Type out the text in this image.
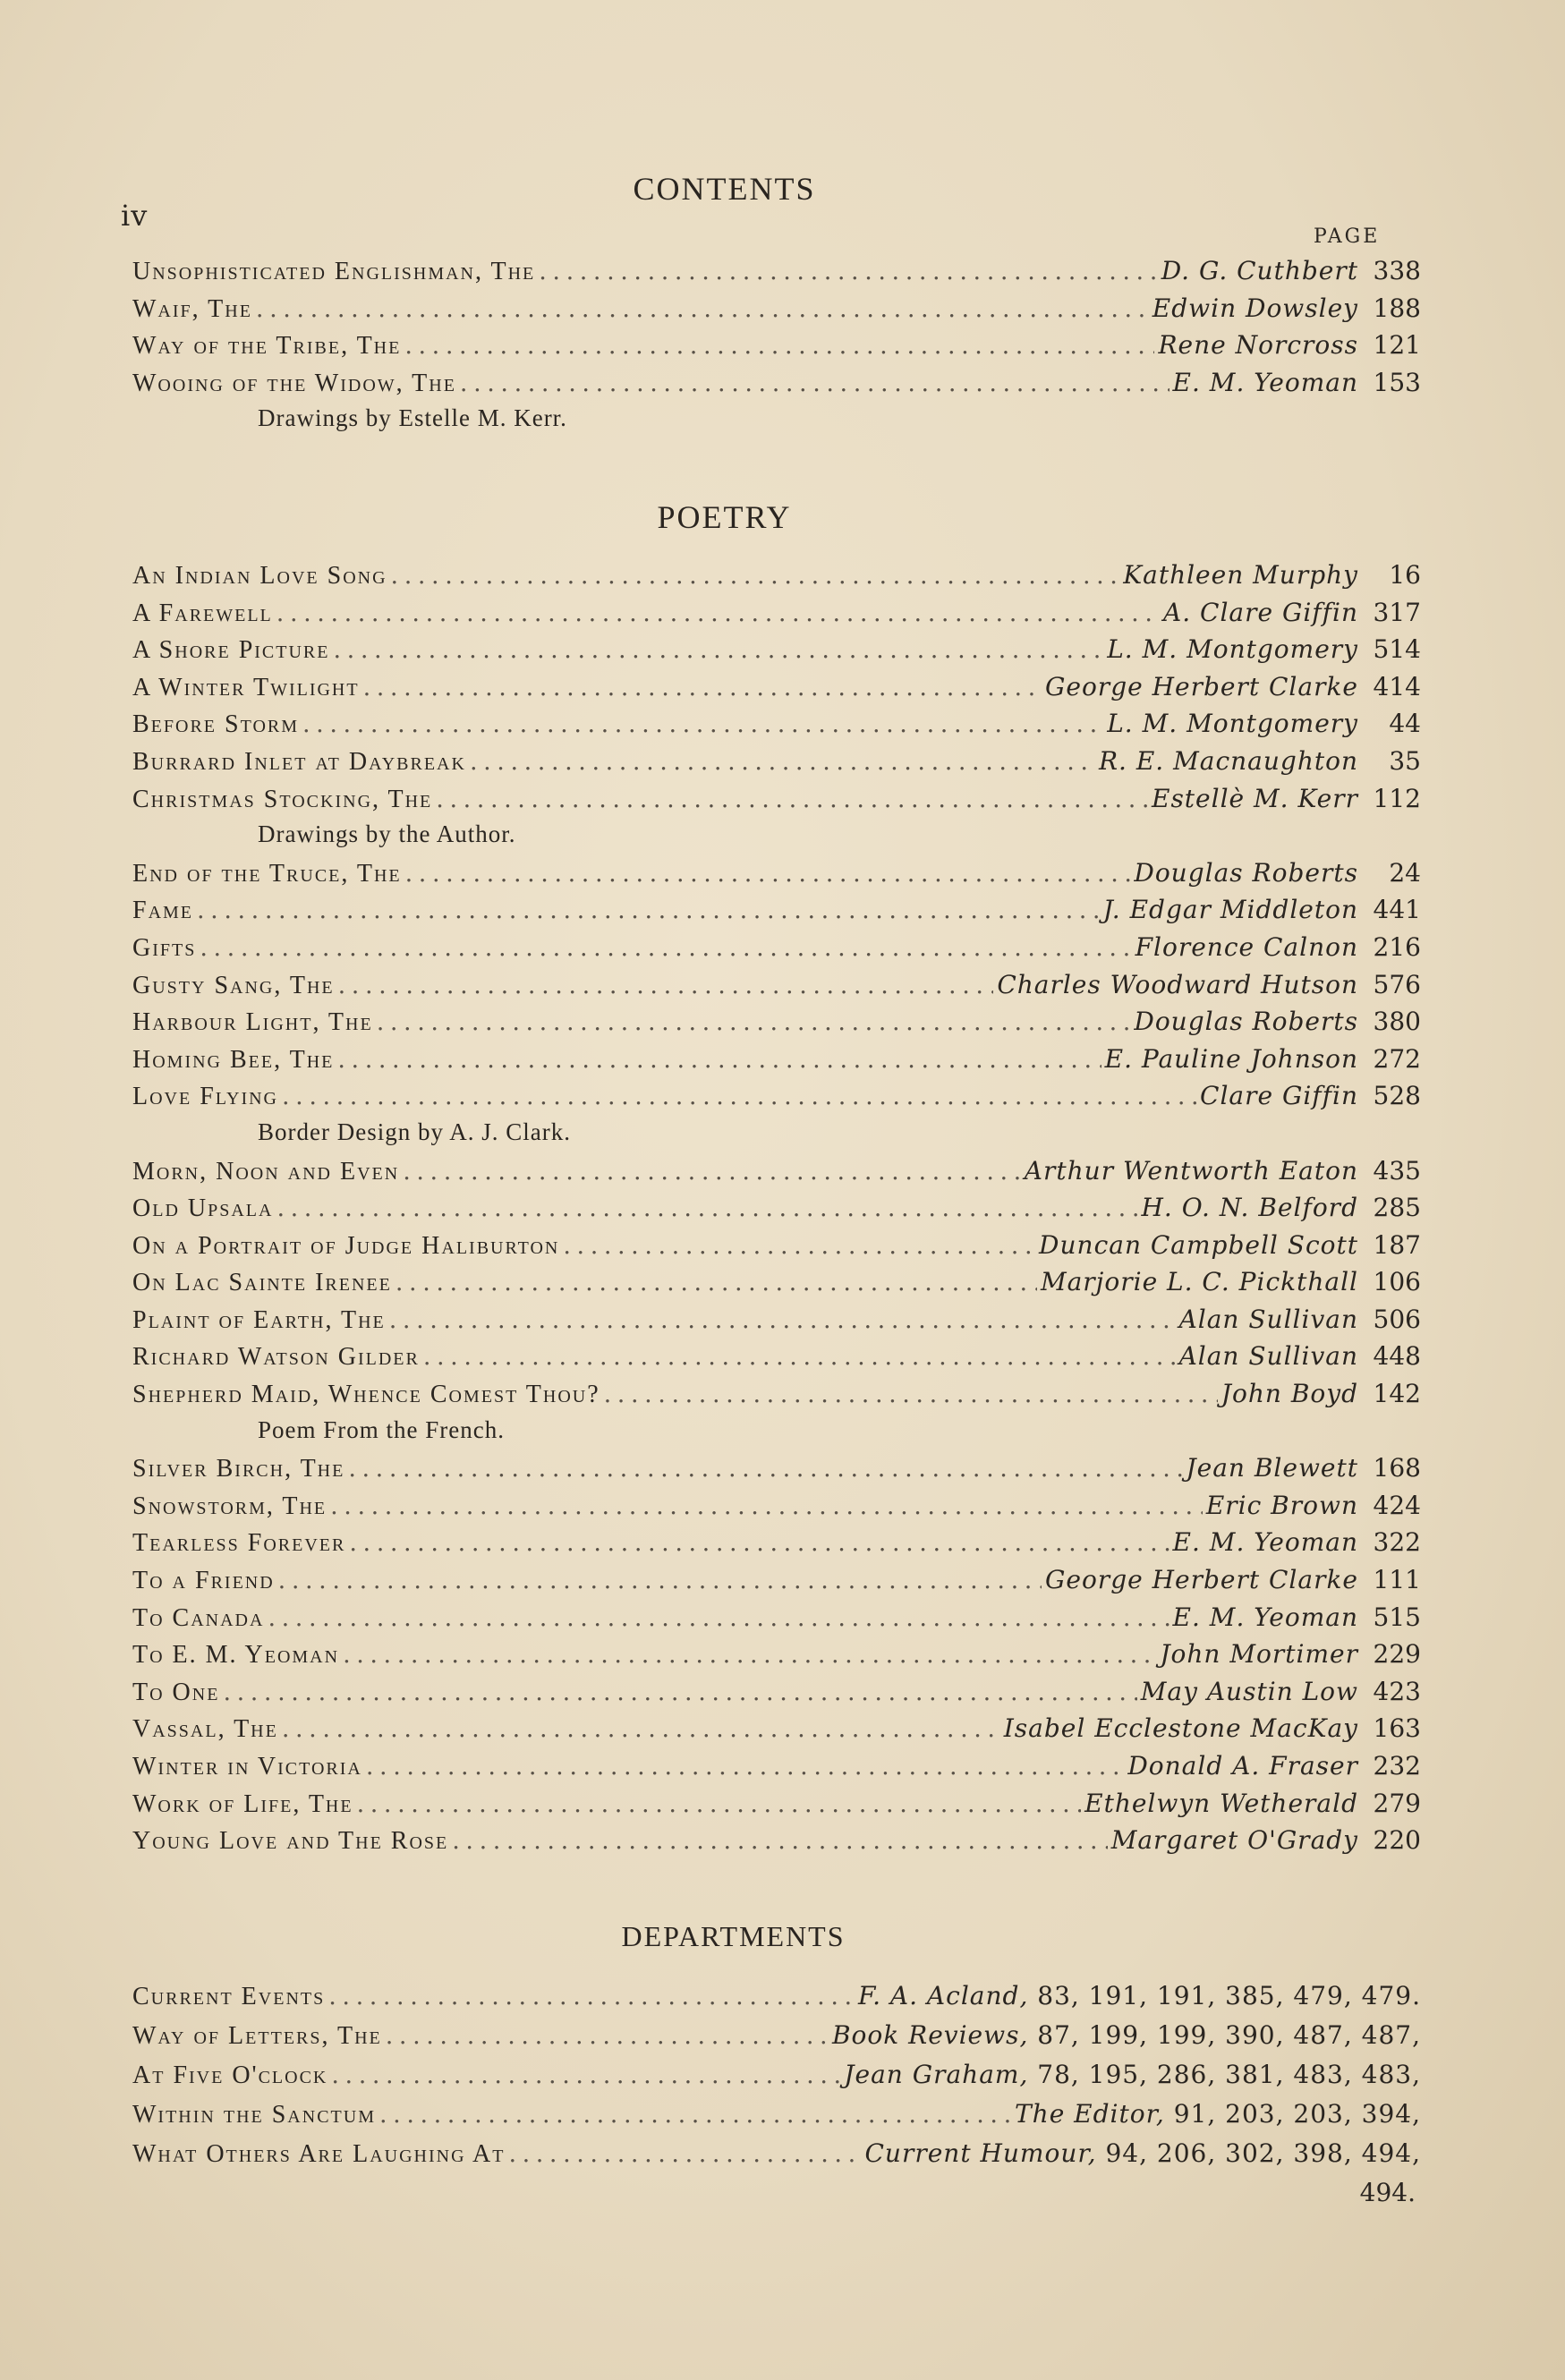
iv
CONTENTS
PAGE
Unsophisticated Englishman, The . . .	D. G. Cuthbert 338
Waif, The . . .	Edwin Dowsley 188
Way of the Tribe, The . . .	Rene Norcross 121
Wooing of the Widow, The . . .	E. M. Yeoman 153
Drawings by Estelle M. Kerr.
POETRY
An Indian Love Song . . .	Kathleen Murphy	16
A Farewell . . .	A. Clare Giffin 317
A Shore Picture . . .	L. M. Montgomery 514
A Winter Twilight . . .	George Herbert Clarke 414
Before Storm . . .	L. M. Montgomery	44
Burrard Inlet at Daybreak . . .	R. E. Macnaughton	35
Christmas Stocking, The . . .	Estellè M. Kerr 112
Drawings by the Author.
End of the Truce, The . . .	Douglas Roberts	24
Fame . . .	J. Edgar Middleton 441
Gifts . . .	Florence Calnon 216
Gusty Sang, The . . .	Charles Woodward Hutson 576
Harbour Light, The . . .	Douglas Roberts 380
Homing Bee, The . . .	E. Pauline Johnson 272
Love Flying . . .	Clare Giffin 528
Border Design by A. J. Clark.
Morn, Noon and Even . . .	Arthur Wentworth Eaton 435
Old Upsala . . .	H. O. N. Belford 285
On a Portrait of Judge Haliburton . . .	Duncan Campbell Scott 187
On Lac Sainte Irenee . . .	Marjorie L. C. Pickthall 106
Plaint of Earth, The . . .	Alan Sullivan 506
Richard Watson Gilder . . .	Alan Sullivan 448
Shepherd Maid, Whence Comest Thou? . . .	John Boyd 142
Poem From the French.
Silver Birch, The . . .	Jean Blewett 168
Snowstorm, The . . .	Eric Brown 424
Tearless Forever . . .	E. M. Yeoman 322
To a Friend . . .	George Herbert Clarke 111
To Canada . . .	E. M. Yeoman 515
To E. M. Yeoman . . .	John Mortimer 229
To One . . .	May Austin Low 423
Vassal, The . . .	Isabel Ecclestone MacKay 163
Winter in Victoria . . .	Donald A. Fraser 232
Work of Life, The . . .	Ethelwyn Wetherald 279
Young Love and The Rose . . .	Margaret O'Grady 220
DEPARTMENTS
Current Events . . .	F. A. Acland, 83, 191, 191, 385, 479, 479.
Way of Letters, The . . .	Book Reviews, 87, 199, 199, 390, 487, 487,
At Five O'clock . . .	Jean Graham, 78, 195, 286, 381, 483, 483,
Within the Sanctum . . .	The Editor, 91, 203, 203, 394,
What Others Are Laughing At . . .	Current Humour, 94, 206, 302, 398, 494,
494.
